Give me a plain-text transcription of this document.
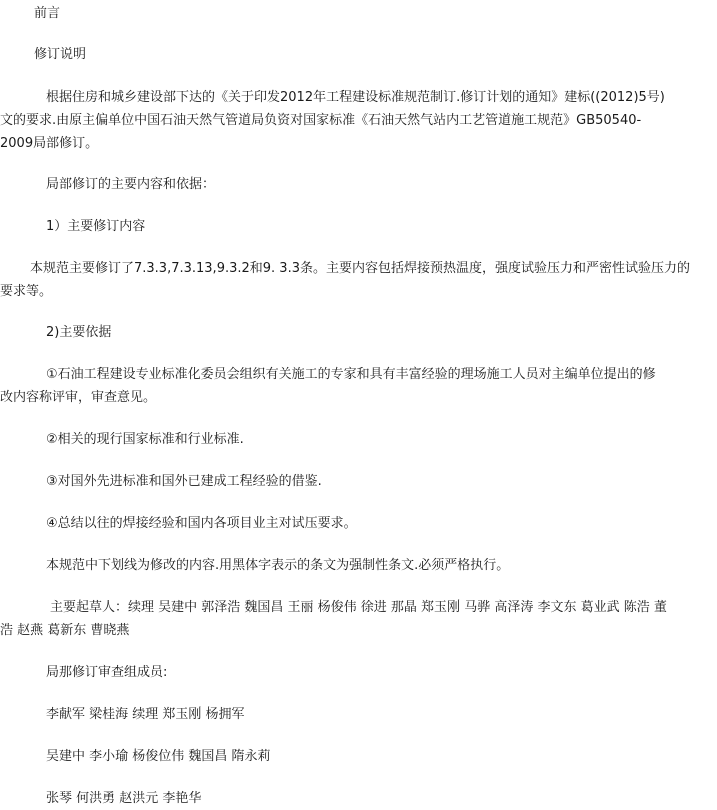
前言

修订说明

根据住房和城乡建设部下达的《关于印发2012年工程建设标准规范制订.修订计划的通知》建标((2012)5号)

文的要求.由原主偏单位中国石油天然气管道局负资对国家标准《石油天然气站内工艺管道施工规范》GB50540-

2009局部修订。

局部修订的主要内容和依据：

1）主要修订内容

本规范主要修订了7.3.3,7.3.13,9.3.2和9. 3.3条。主要内容包括焊接预热温度，强度试验压力和严密性试验压力的

要求等。

2)主要依据

①石油工程建设专业标准化委员会组织有关施工的专家和具有丰富经验的理场施工人员对主编单位提出的修

改内容称评审，审查意见。

②相关的现行国家标准和行业标准.

③对国外先进标准和国外已建成工程经验的借鉴.

④总结以往的焊接经验和国内各项目业主对试压要求。

本规范中下划线为修改的内容.用黑体字表示的条文为强制性条文.必须严格执行。

主要起草人：续理 吴建中 郭泽浩 魏国昌 王丽 杨俊伟 徐进 那晶 郑玉刚 马骅 高泽涛 李文东 葛业武 陈浩 董

浩 赵燕 葛新东 曹晓燕

局那修订审查组成员:

李献军 梁桂海 续理 郑玉刚 杨拥军

吴建中 李小瑜 杨俊位伟 魏国昌 隋永莉

张琴 何洪勇 赵洪元 李艳华
